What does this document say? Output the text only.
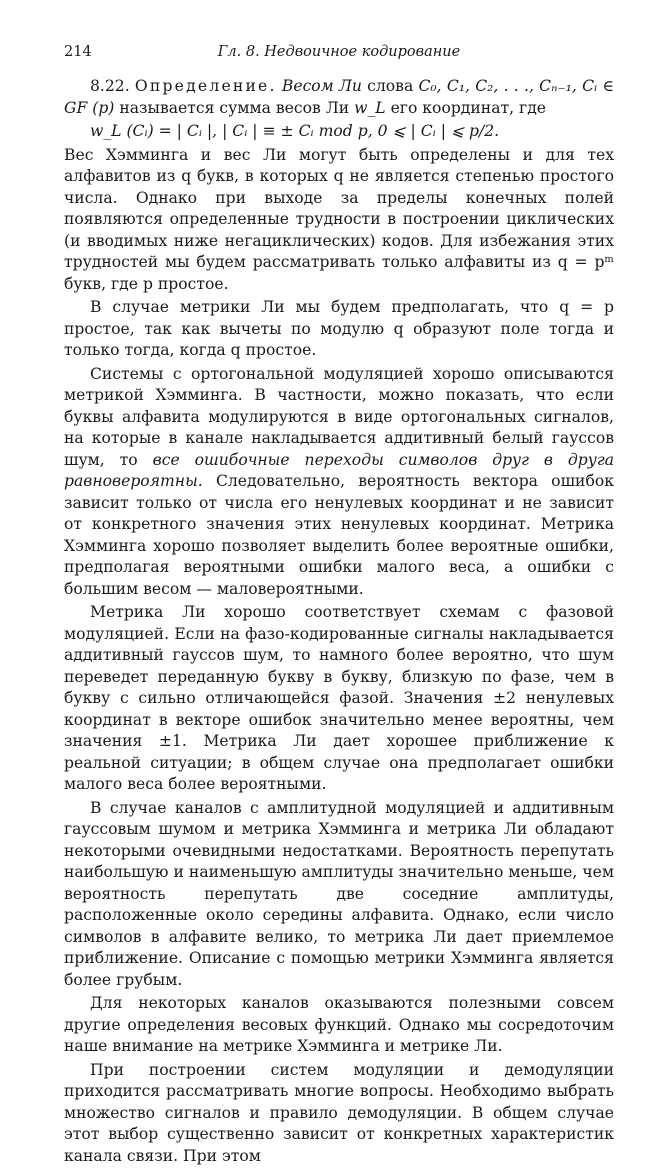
214	Гл. 8. Недвоичное кодирование

8.22. Определение. Весом Ли слова C₀, C₁, C₂, . . ., Cₙ₋₁, Cᵢ ∈ GF (p) называется сумма весов Ли w_L его координат, где

w_L (Cᵢ) = | Cᵢ |, | Cᵢ | ≡ ± Cᵢ mod p, 0 ⩽ | Cᵢ | ⩽ p/2.

Вес Хэмминга и вес Ли могут быть определены и для тех алфавитов из q букв, в которых q не является степенью простого числа. Однако при выходе за пределы конечных полей появляются определенные трудности в построении циклических (и вводимых ниже негациклических) кодов. Для избежания этих трудностей мы будем рассматривать только алфавиты из q = pᵐ букв, где p простое.

В случае метрики Ли мы будем предполагать, что q = p простое, так как вычеты по модулю q образуют поле тогда и только тогда, когда q простое.

Системы с ортогональной модуляцией хорошо описываются метрикой Хэмминга. В частности, можно показать, что если буквы алфавита модулируются в виде ортогональных сигналов, на которые в канале накладывается аддитивный белый гауссов шум, то все ошибочные переходы символов друг в друга равновероятны. Следовательно, вероятность вектора ошибок зависит только от числа его ненулевых координат и не зависит от конкретного значения этих ненулевых координат. Метрика Хэмминга хорошо позволяет выделить более вероятные ошибки, предполагая вероятными ошибки малого веса, а ошибки с большим весом — маловероятными.

Метрика Ли хорошо соответствует схемам с фазовой модуляцией. Если на фазо-кодированные сигналы накладывается аддитивный гауссов шум, то намного более вероятно, что шум переведет переданную букву в букву, близкую по фазе, чем в букву с сильно отличающейся фазой. Значения ±2 ненулевых координат в векторе ошибок значительно менее вероятны, чем значения ±1. Метрика Ли дает хорошее приближение к реальной ситуации; в общем случае она предполагает ошибки малого веса более вероятными.

В случае каналов с амплитудной модуляцией и аддитивным гауссовым шумом и метрика Хэмминга и метрика Ли обладают некоторыми очевидными недостатками. Вероятность перепутать наибольшую и наименьшую амплитуды значительно меньше, чем вероятность перепутать две соседние амплитуды, расположенные около середины алфавита. Однако, если число символов в алфавите велико, то метрика Ли дает приемлемое приближение. Описание с помощью метрики Хэмминга является более грубым.

Для некоторых каналов оказываются полезными совсем другие определения весовых функций. Однако мы сосредоточим наше внимание на метрике Хэмминга и метрике Ли.

При построении систем модуляции и демодуляции приходится рассматривать многие вопросы. Необходимо выбрать множество сигналов и правило демодуляции. В общем случае этот выбор существенно зависит от конкретных характеристик канала связи. При этом
